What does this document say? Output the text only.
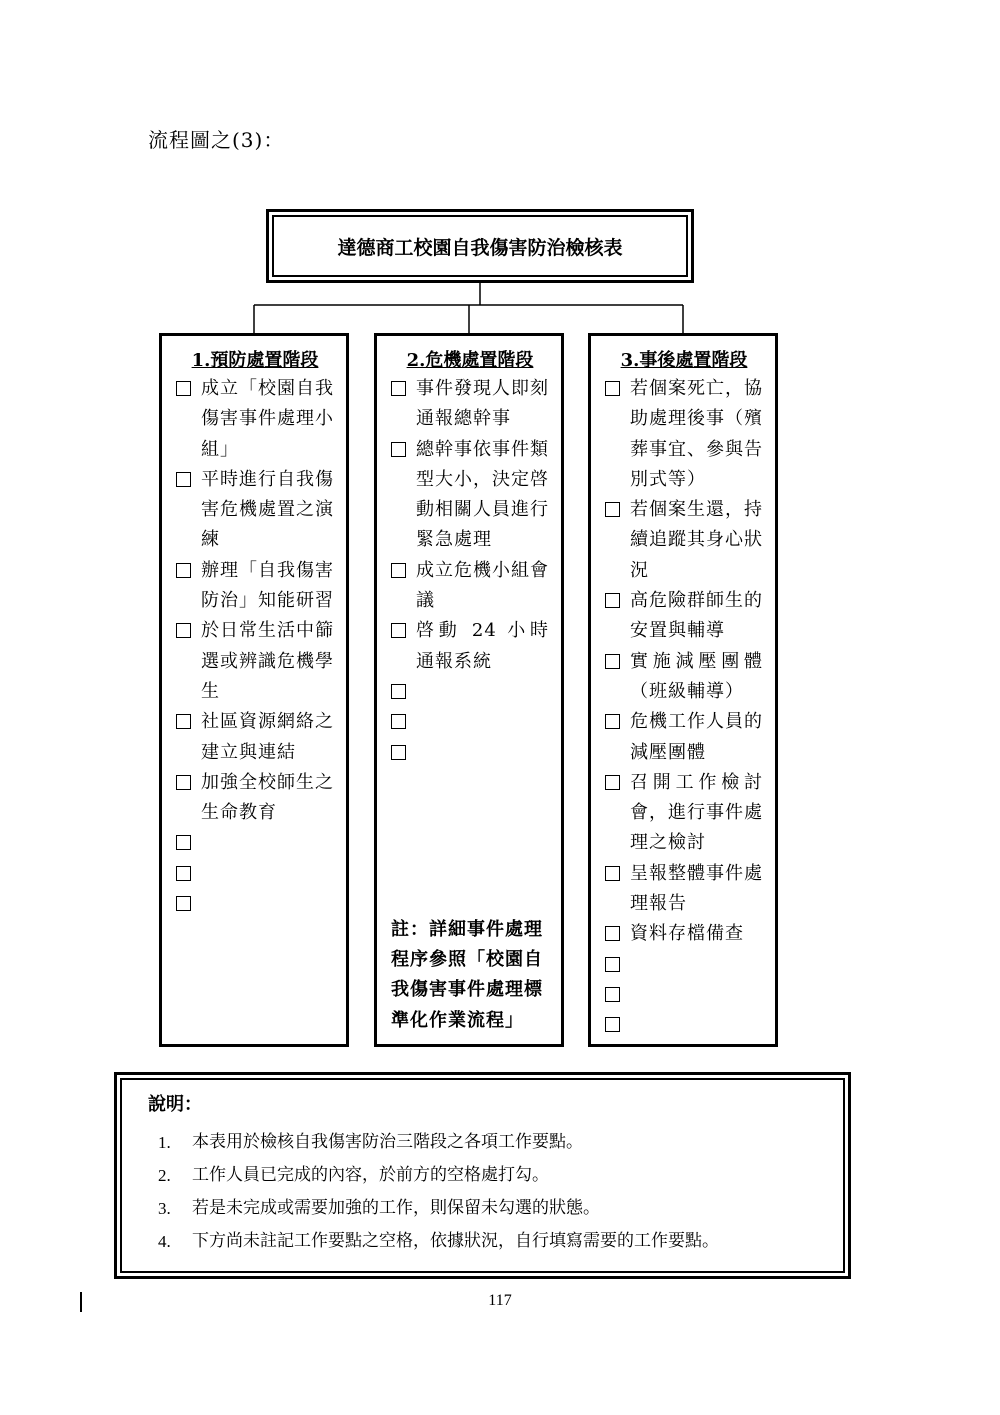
流程圖之(3)：
達德商工校園自我傷害防治檢核表
1.預防處置階段
成立「校園自我傷害事件處理小組」
平時進行自我傷害危機處置之演練
辦理「自我傷害防治」知能研習
於日常生活中篩選或辨識危機學生
社區資源網絡之建立與連結
加強全校師生之生命教育

2.危機處置階段
事件發現人即刻通報總幹事
總幹事依事件類型大小，決定啓動相關人員進行緊急處理
成立危機小組會議
啓動 24 小時通報系統

註：詳細事件處理程序參照「校園自我傷害事件處理標準化作業流程」
3.事後處置階段
若個案死亡，協助處理後事（殯葬事宜、參與告別式等）
若個案生還，持續追蹤其身心狀況
高危險群師生的安置與輔導
實施減壓團體（班級輔導）
危機工作人員的減壓團體
召開工作檢討會，進行事件處理之檢討
呈報整體事件處理報告
資料存檔備查

說明：
1.	本表用於檢核自我傷害防治三階段之各項工作要點。
2.	工作人員已完成的內容，於前方的空格處打勾。
3.	若是未完成或需要加強的工作，則保留未勾選的狀態。
4.	下方尚未註記工作要點之空格，依據狀況，自行填寫需要的工作要點。
117
